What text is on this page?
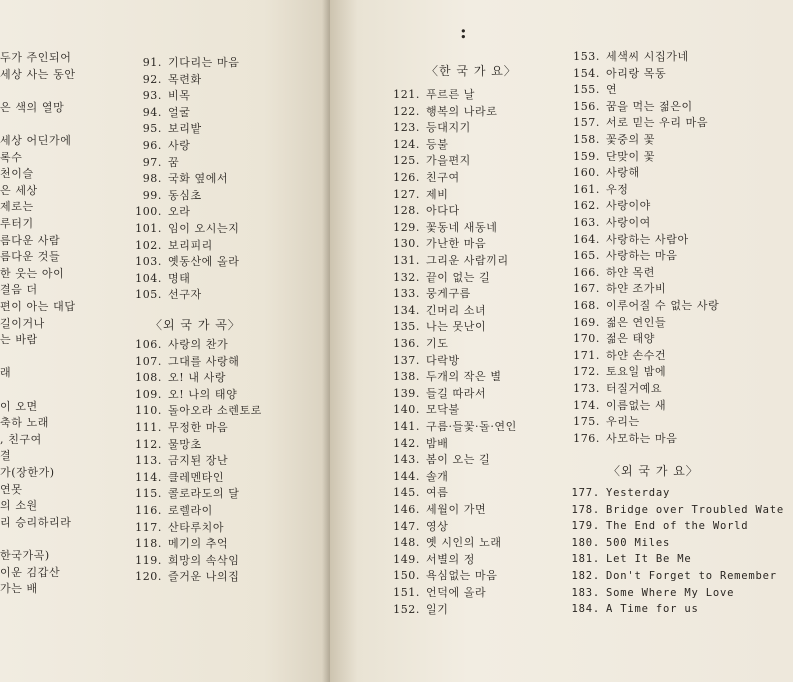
두가 주인되어
세상 사는 동안
은 색의 열망
세상 어딘가에
록수
천이슬
은 세상
제로는
루터기
름다운 사람
름다운 것들
한 웃는 아이
결음 더
편이 아는 대답
길이거나
는 바람
래
이 오면
축하 노래
, 친구여
결
가(장한가)
연못
의 소원
리 승리하리라
한국가곡)
이운 김갑산
가는 배
91. 기다리는 마음
92. 목련화
93. 비목
94. 얼굴
95. 보리밭
96. 사랑
97. 꿈
98. 국화 옆에서
99. 동심초
100. 오라
101. 임이 오시는지
102. 보리피리
103. 옛동산에 올라
104. 명태
105. 선구자
〈외 국 가 곡〉
106. 사랑의 찬가
107. 그대를 사랑해
108. 오! 내 사랑
109. 오! 나의 태양
110. 돌아오라 소렌토로
111. 무정한 마음
112. 물망초
113. 금지된 장난
114. 클레멘타인
115. 콜로라도의 달
116. 로렐라이
117. 산타루치아
118. 메기의 추억
119. 희망의 속삭임
120. 즐거운 나의집
〈한 국 가 요〉
121. 푸르른 날
122. 행복의 나라로
123. 등대지기
124. 등불
125. 가을편지
126. 친구여
127. 제비
128. 아다다
129. 꽃동네 새동네
130. 가난한 마음
131. 그리운 사람끼리
132. 끝이 없는 길
133. 뭉게구름
134. 긴머리 소녀
135. 나는 못난이
136. 기도
137. 다락방
138. 두개의 작은 별
139. 들길 따라서
140. 모닥불
141. 구름·들꽃·돌·연인
142. 밤배
143. 봄이 오는 길
144. 솔개
145. 여름
146. 세월이 가면
147. 영상
148. 옛 시인의 노래
149. 서별의 정
150. 욕심없는 마음
151. 언덕에 올라
152. 일기
153. 세색씨 시집가네
154. 아리랑 목동
155. 연
156. 꿈을 먹는 젊은이
157. 서로 믿는 우리 마음
158. 꽃중의 꽃
159. 단맞이 꽃
160. 사랑해
161. 우정
162. 사랑이야
163. 사랑이여
164. 사랑하는 사람아
165. 사랑하는 마음
166. 하얀 목련
167. 하얀 조가비
168. 이루어질 수 없는 사랑
169. 젊은 연인들
170. 젊은 태양
171. 하얀 손수건
172. 토요일 밤에
173. 터질거예요
174. 이름없는 새
175. 우리는
176. 사모하는 마음
〈외 국 가 요〉
177. Yesterday
178. Bridge over Troubled Wate
179. The End of the World
180. 500 Miles
181. Let It Be Me
182. Don't Forget to Remember
183. Some Where My Love
184. A Time for us
:
